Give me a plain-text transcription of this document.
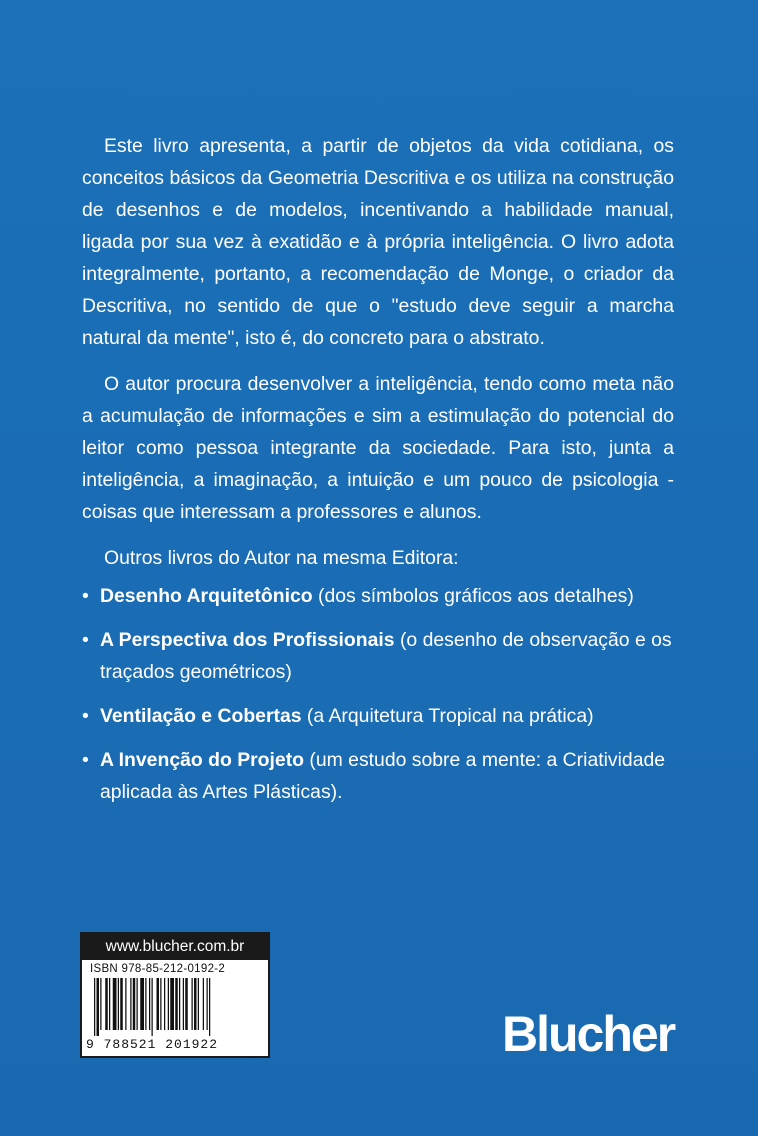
Este livro apresenta, a partir de objetos da vida cotidiana, os conceitos básicos da Geometria Descritiva e os utiliza na construção de desenhos e de modelos, incentivando a habilidade manual, ligada por sua vez à exatidão e à própria inteligência. O livro adota integralmente, portanto, a recomendação de Monge, o criador da Descritiva, no sentido de que o "estudo deve seguir a marcha natural da mente", isto é, do concreto para o abstrato.

O autor procura desenvolver a inteligência, tendo como meta não a acumulação de informações e sim a estimulação do potencial do leitor como pessoa integrante da sociedade. Para isto, junta a inteligência, a imaginação, a intuição e um pouco de psicologia - coisas que interessam a professores e alunos.

Outros livros do Autor na mesma Editora:

• Desenho Arquitetônico (dos símbolos gráficos aos detalhes)
• A Perspectiva dos Profissionais (o desenho de observação e os traçados geométricos)
• Ventilação e Cobertas (a Arquitetura Tropical na prática)
• A Invenção do Projeto (um estudo sobre a mente: a Criatividade aplicada às Artes Plásticas).
www.blucher.com.br
ISBN 978-85-212-0192-2
9 788521 201922	Blucher
